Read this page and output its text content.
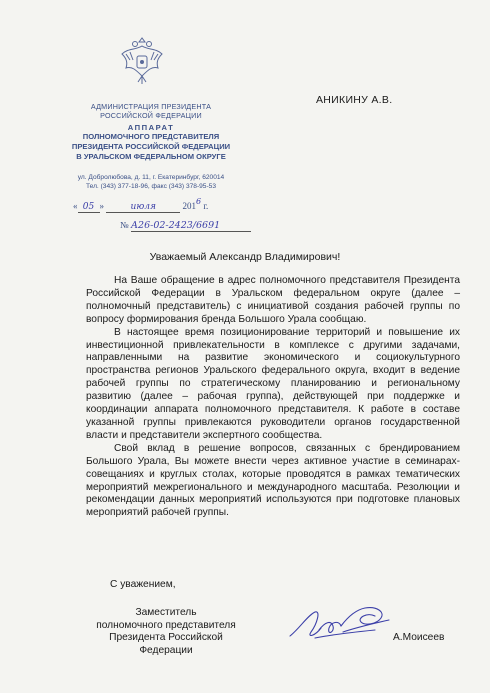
АДМИНИСТРАЦИЯ ПРЕЗИДЕНТА
РОССИЙСКОЙ ФЕДЕРАЦИИ
АППАРАТ
ПОЛНОМОЧНОГО ПРЕДСТАВИТЕЛЯ
ПРЕЗИДЕНТА РОССИЙСКОЙ ФЕДЕРАЦИИ
В УРАЛЬСКОМ ФЕДЕРАЛЬНОМ ОКРУГЕ
ул. Добролюбова, д. 11, г. Екатеринбург, 620014
Тел. (343) 377-18-96, факс (343) 378-95-53
« 05 »	июля	2016 г.
№ А26-02-2423/6691
АНИКИНУ А.В.
Уважаемый Александр Владимирович!

На Ваше обращение в адрес полномочного представителя Президента Российской Федерации в Уральском федеральном округе (далее – полномочный представитель) с инициативой создания рабочей группы по вопросу формирования бренда Большого Урала сообщаю.

В настоящее время позиционирование территорий и повышение их инвестиционной привлекательности в комплексе с другими задачами, направленными на развитие экономического и социокультурного пространства регионов Уральского федерального округа, входит в ведение рабочей группы по стратегическому планированию и региональному развитию (далее – рабочая группа), действующей при поддержке и координации аппарата полномочного представителя. К работе в составе указанной группы привлекаются руководители органов государственной власти и представители экспертного сообщества.

Свой вклад в решение вопросов, связанных с брендированием Большого Урала, Вы можете внести через активное участие в семинарах-совещаниях и круглых столах, которые проводятся в рамках тематических мероприятий межрегионального и международного масштаба. Резолюции и рекомендации данных мероприятий используются при подготовке плановых мероприятий рабочей группы.

С уважением,
Заместитель
полномочного представителя
Президента Российской Федерации
А.Моисеев
